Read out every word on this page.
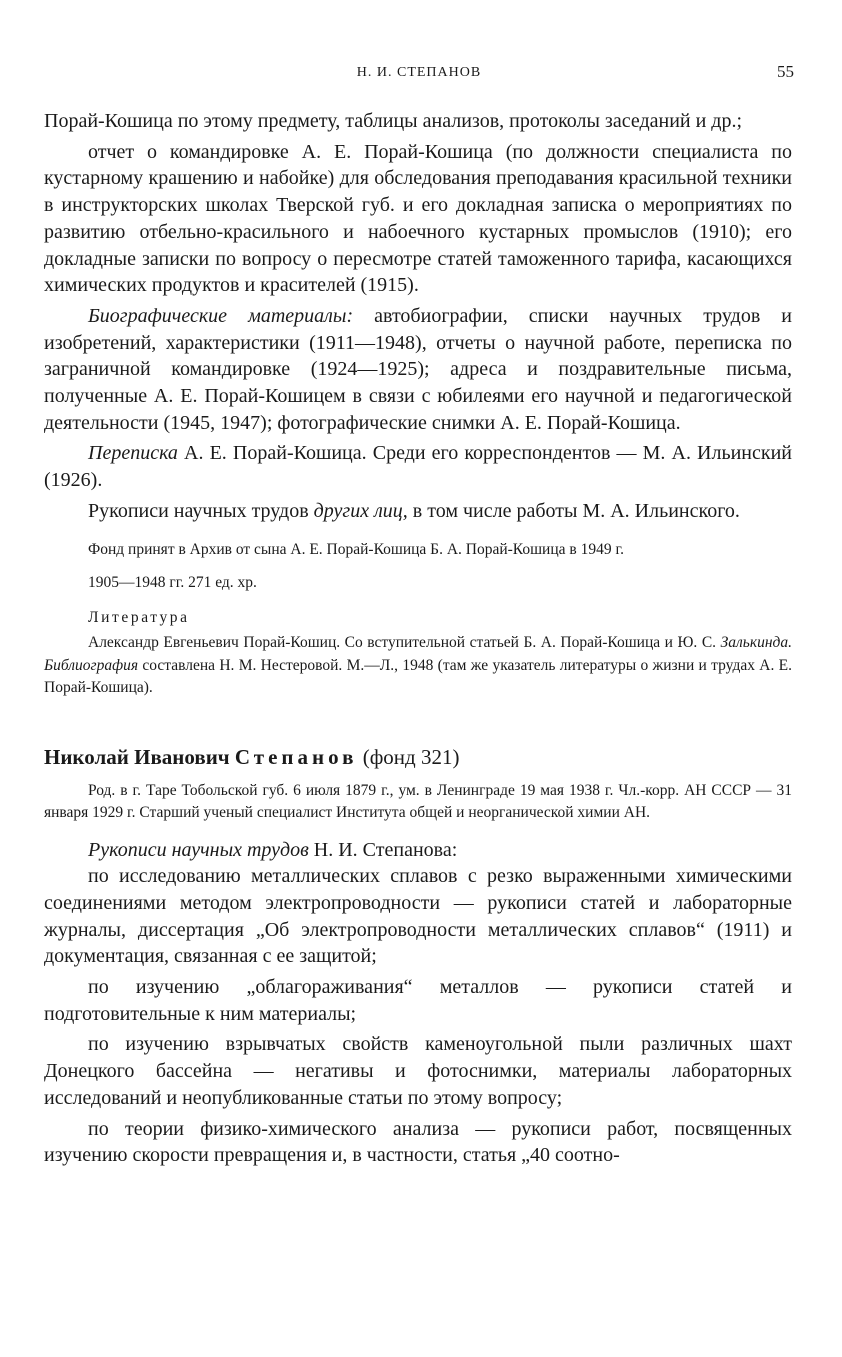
Н. И. СТЕПАНОВ	55

Порай-Кошица по этому предмету, таблицы анализов, протоколы заседаний и др.;

отчет о командировке А. Е. Порай-Кошица (по должности специалиста по кустарному крашению и набойке) для обследования преподавания красильной техники в инструкторских школах Тверской губ. и его докладная записка о мероприятиях по развитию отбельно-красильного и набоечного кустарных промыслов (1910); его докладные записки по вопросу о пересмотре статей таможенного тарифа, касающихся химических продуктов и красителей (1915).

Биографические материалы: автобиографии, списки научных трудов и изобретений, характеристики (1911—1948), отчеты о научной работе, переписка по заграничной командировке (1924—1925); адреса и поздравительные письма, полученные А. Е. Порай-Кошицем в связи с юбилеями его научной и педагогической деятельности (1945, 1947); фотографические снимки А. Е. Порай-Кошица.

Переписка А. Е. Порай-Кошица. Среди его корреспондентов — М. А. Ильинский (1926).

Рукописи научных трудов других лиц, в том числе работы М. А. Ильинского.

Фонд принят в Архив от сына А. Е. Порай-Кошица Б. А. Порай-Кошица в 1949 г.

1905—1948 гг. 271 ед. хр.

Литература

Александр Евгеньевич Порай-Кошиц. Со вступительной статьей Б. А. Порай-Кошица и Ю. С. Залькинда. Библиография составлена Н. М. Нестеровой. М.—Л., 1948 (там же указатель литературы о жизни и трудах А. Е. Порай-Кошица).

Николай Иванович Степанов (фонд 321)

Род. в г. Таре Тобольской губ. 6 июля 1879 г., ум. в Ленинграде 19 мая 1938 г. Чл.-корр. АН СССР — 31 января 1929 г. Старший ученый специалист Института общей и неорганической химии АН.

Рукописи научных трудов Н. И. Степанова:

по исследованию металлических сплавов с резко выраженными химическими соединениями методом электропроводности — рукописи статей и лабораторные журналы, диссертация „Об электропроводности металлических сплавов“ (1911) и документация, связанная с ее защитой;

по изучению „облагораживания“ металлов — рукописи статей и подготовительные к ним материалы;

по изучению взрывчатых свойств каменоугольной пыли различных шахт Донецкого бассейна — негативы и фотоснимки, материалы лабораторных исследований и неопубликованные статьи по этому вопросу;

по теории физико-химического анализа — рукописи работ, посвященных изучению скорости превращения и, в частности, статья „40 соотно-
